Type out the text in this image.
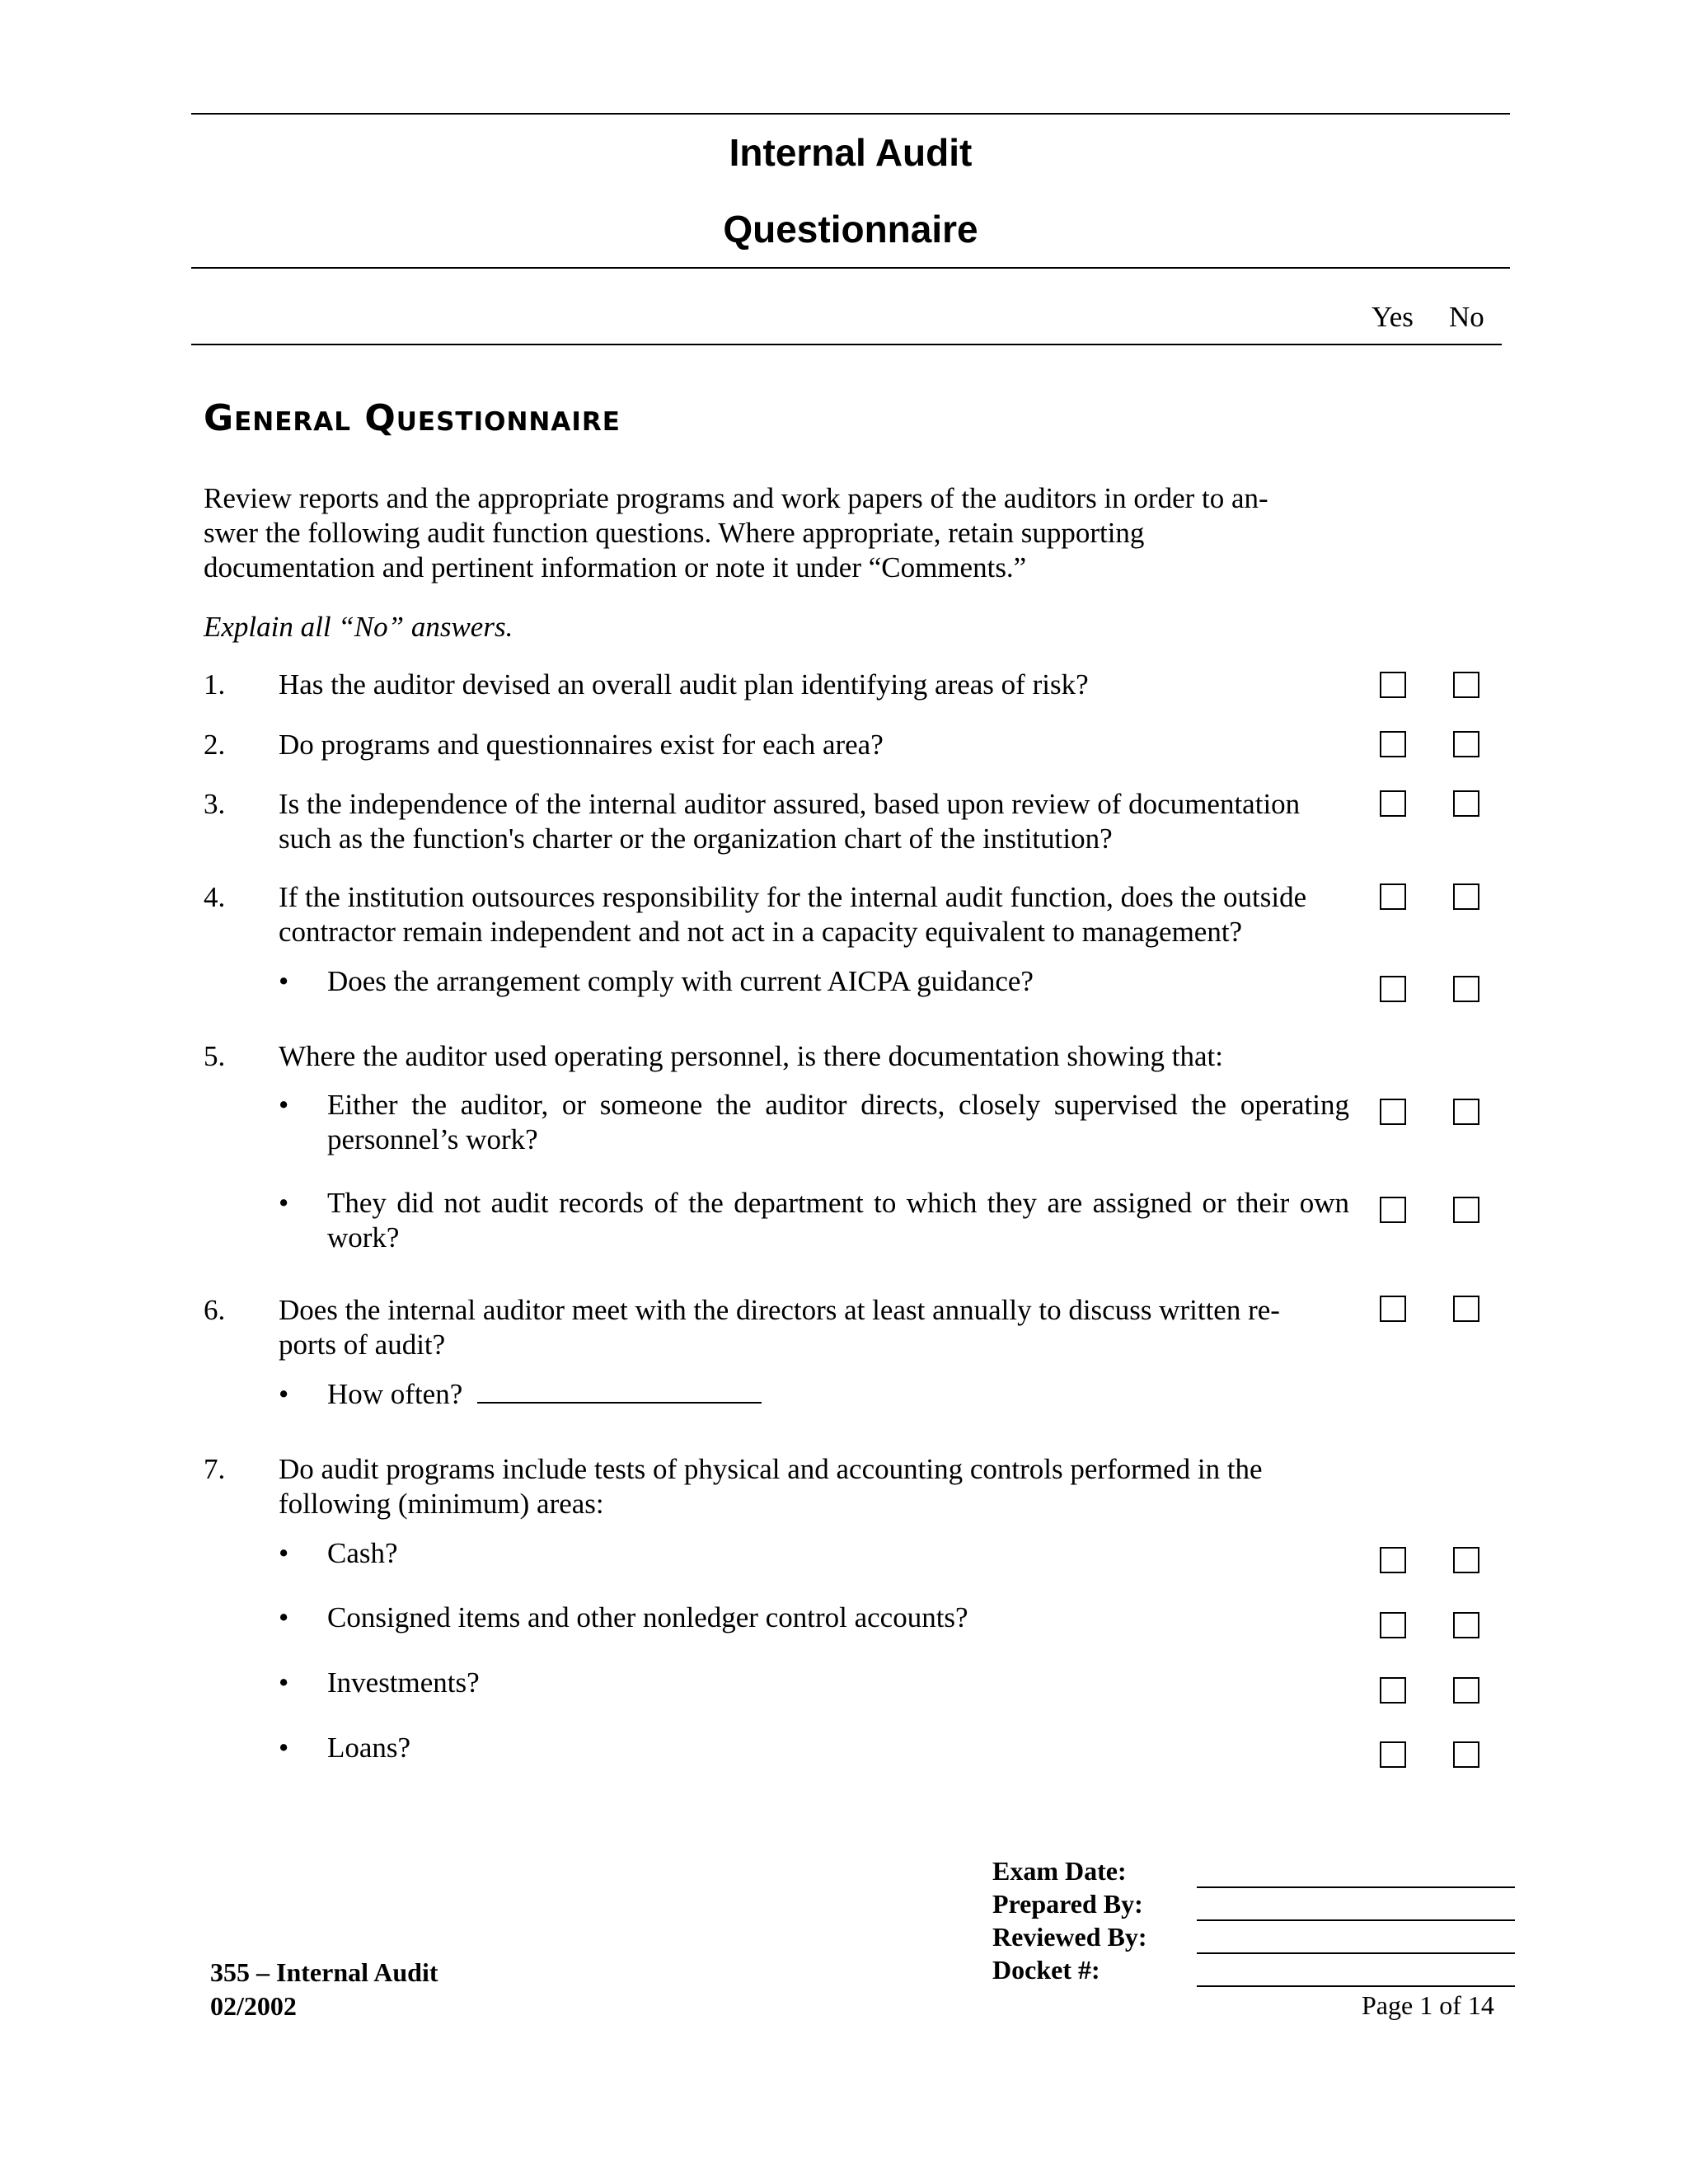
Internal Audit
Questionnaire
Yes No
General Questionnaire
Review reports and the appropriate programs and work papers of the auditors in order to an-
swer the following audit function questions. Where appropriate, retain supporting
documentation and pertinent information or note it under “Comments.”
Explain all “No” answers.
1. Has the auditor devised an overall audit plan identifying areas of risk?
2. Do programs and questionnaires exist for each area?
3. Is the independence of the internal auditor assured, based upon review of documentation
such as the function's charter or the organization chart of the institution?
4. If the institution outsources responsibility for the internal audit function, does the outside
contractor remain independent and not act in a capacity equivalent to management?
• Does the arrangement comply with current AICPA guidance?
5. Where the auditor used operating personnel, is there documentation showing that:
• Either the auditor, or someone the auditor directs, closely supervised the operating
personnel’s work?
• They did not audit records of the department to which they are assigned or their own
work?
6. Does the internal auditor meet with the directors at least annually to discuss written re-
ports of audit?
• How often?
7. Do audit programs include tests of physical and accounting controls performed in the
following (minimum) areas:
• Cash?
• Consigned items and other nonledger control accounts?
• Investments?
• Loans?
Exam Date:
Prepared By:
Reviewed By:
Docket #:
355 – Internal Audit
02/2002	Page 1 of 14
